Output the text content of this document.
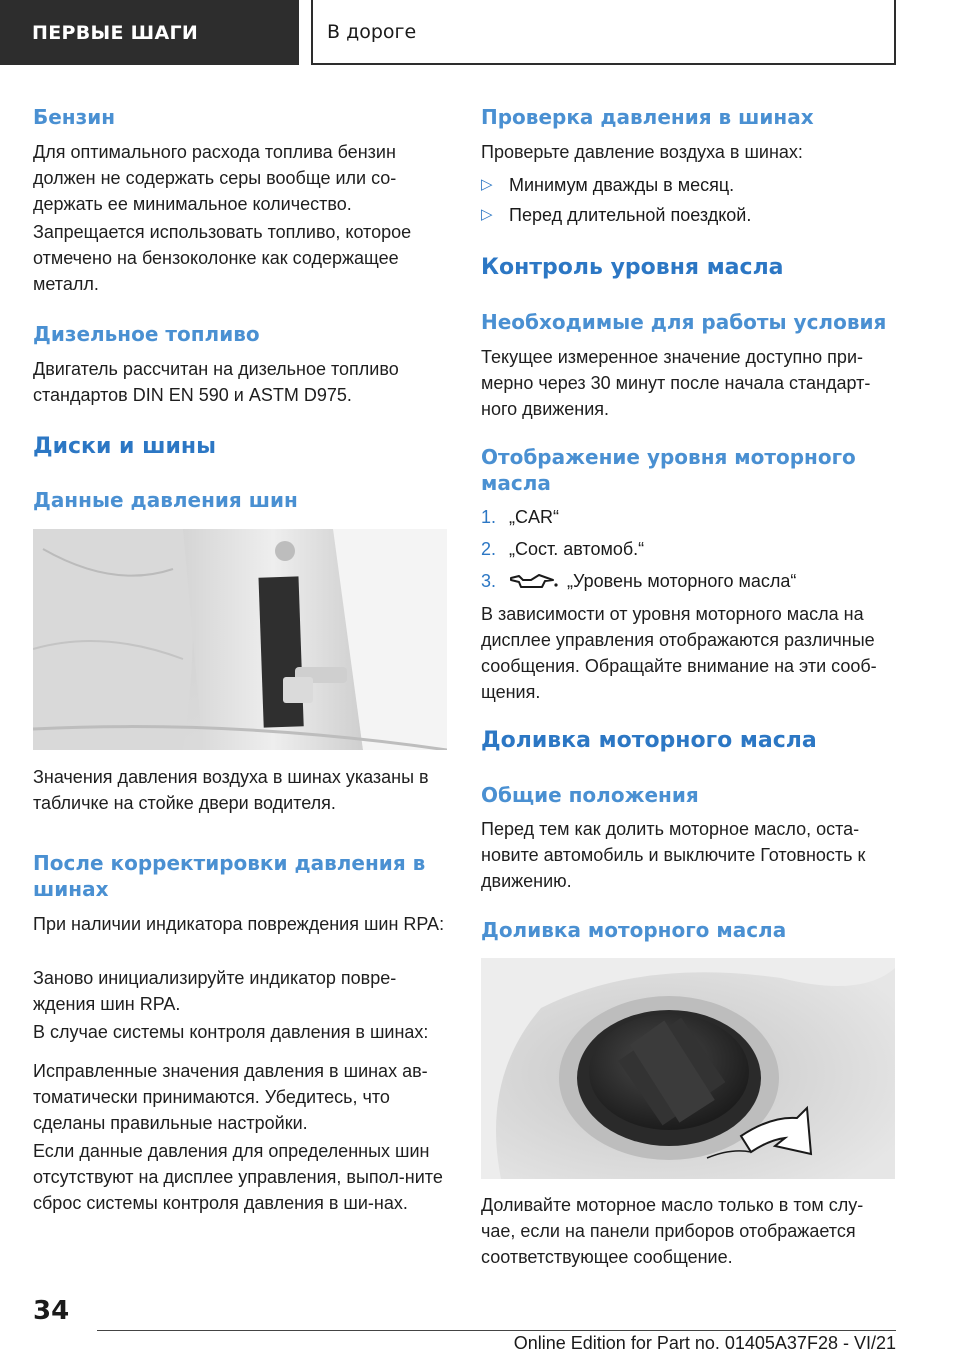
ПЕРВЫЕ ШАГИ	В дороге
Бензин

Для оптимального расхода топлива бензин должен не содержать серы вообще или со-держать ее минимальное количество.

Запрещается использовать топливо, которое отмечено на бензоколонке как содержащее металл.

Дизельное топливо

Двигатель рассчитан на дизельное топливо стандартов DIN EN 590 и ASTM D975.

Диски и шины
Данные давления шин

Значения давления воздуха в шинах указаны в табличке на стойке двери водителя.

После корректировки давления в шинах

При наличии индикатора повреждения шин RPA:

Заново инициализируйте индикатор повре-ждения шин RPA.

В случае системы контроля давления в шинах:

Исправленные значения давления в шинах ав-томатически принимаются. Убедитесь, что сделаны правильные настройки.

Если данные давления для определенных шин отсутствуют на дисплее управления, выпол-ните сброс системы контроля давления в ши-нах.

Проверка давления в шинах

Проверьте давление воздуха в шинах:

▷ Минимум дважды в месяц.
▷ Перед длительной поездкой.
Контроль уровня масла
Необходимые для работы условия

Текущее измеренное значение доступно при-мерно через 30 минут после начала стандарт-ного движения.

Отображение уровня моторного масла
1. „CAR“
2. „Сост. автомоб.“
3.	„Уровень моторного масла“

В зависимости от уровня моторного масла на дисплее управления отображаются различные сообщения. Обращайте внимание на эти сооб-щения.

Доливка моторного масла
Общие положения

Перед тем как долить моторное масло, оста-новите автомобиль и выключите Готовность к движению.

Доливка моторного масла

Доливайте моторное масло только в том слу-чае, если на панели приборов отображается соответствующее сообщение.

34
Online Edition for Part no. 01405A37F28 - VI/21
